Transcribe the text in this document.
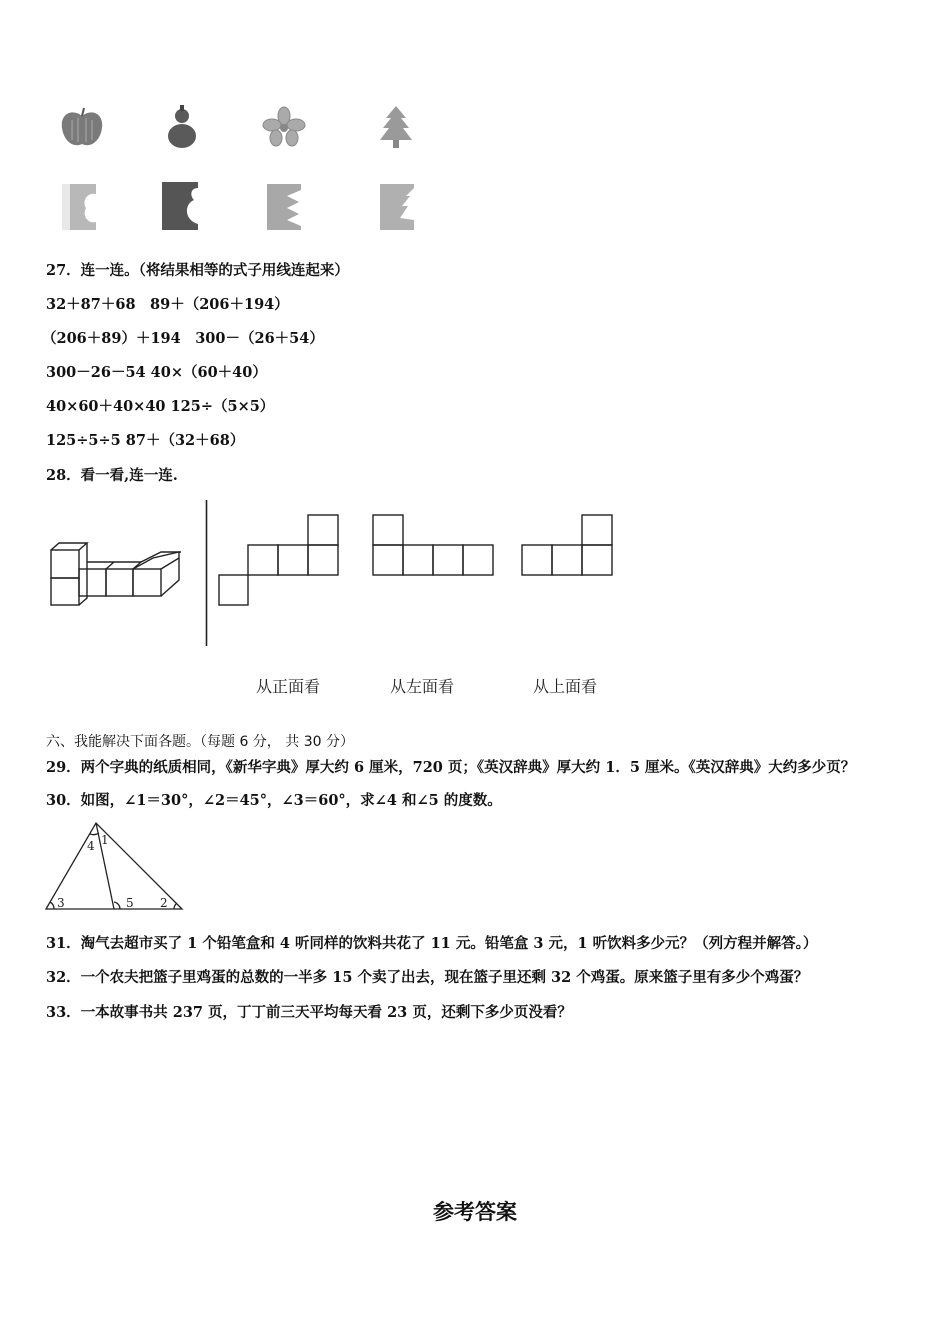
27．连一连。（将结果相等的式子用线连起来）
32＋87＋68　89＋（206＋194）
（206＋89）＋194　300－（26＋54）
300－26－54 40×（60＋40）
40×60＋40×40 125÷（5×5）
125÷5÷5 87＋（32＋68）
28．看一看,连一连.
从正面看	从左面看	从上面看
六、我能解决下面各题。（每题 6 分， 共 30 分）
29．两个字典的纸质相同，《新华字典》厚大约 6 厘米，720 页；《英汉辞典》厚大约 1．5 厘米。《英汉辞典》大约多少页？
30．如图，∠1＝30°，∠2＝45°，∠3＝60°，求∠4 和∠5 的度数。
1
2
3
4
5
31．淘气去超市买了 1 个铅笔盒和 4 听同样的饮料共花了 11 元。铅笔盒 3 元，1 听饮料多少元？（列方程并解答。）
32．一个农夫把篮子里鸡蛋的总数的一半多 15 个卖了出去，现在篮子里还剩 32 个鸡蛋。原来篮子里有多少个鸡蛋？
33．一本故事书共 237 页，丁丁前三天平均每天看 23 页，还剩下多少页没看？
参考答案
